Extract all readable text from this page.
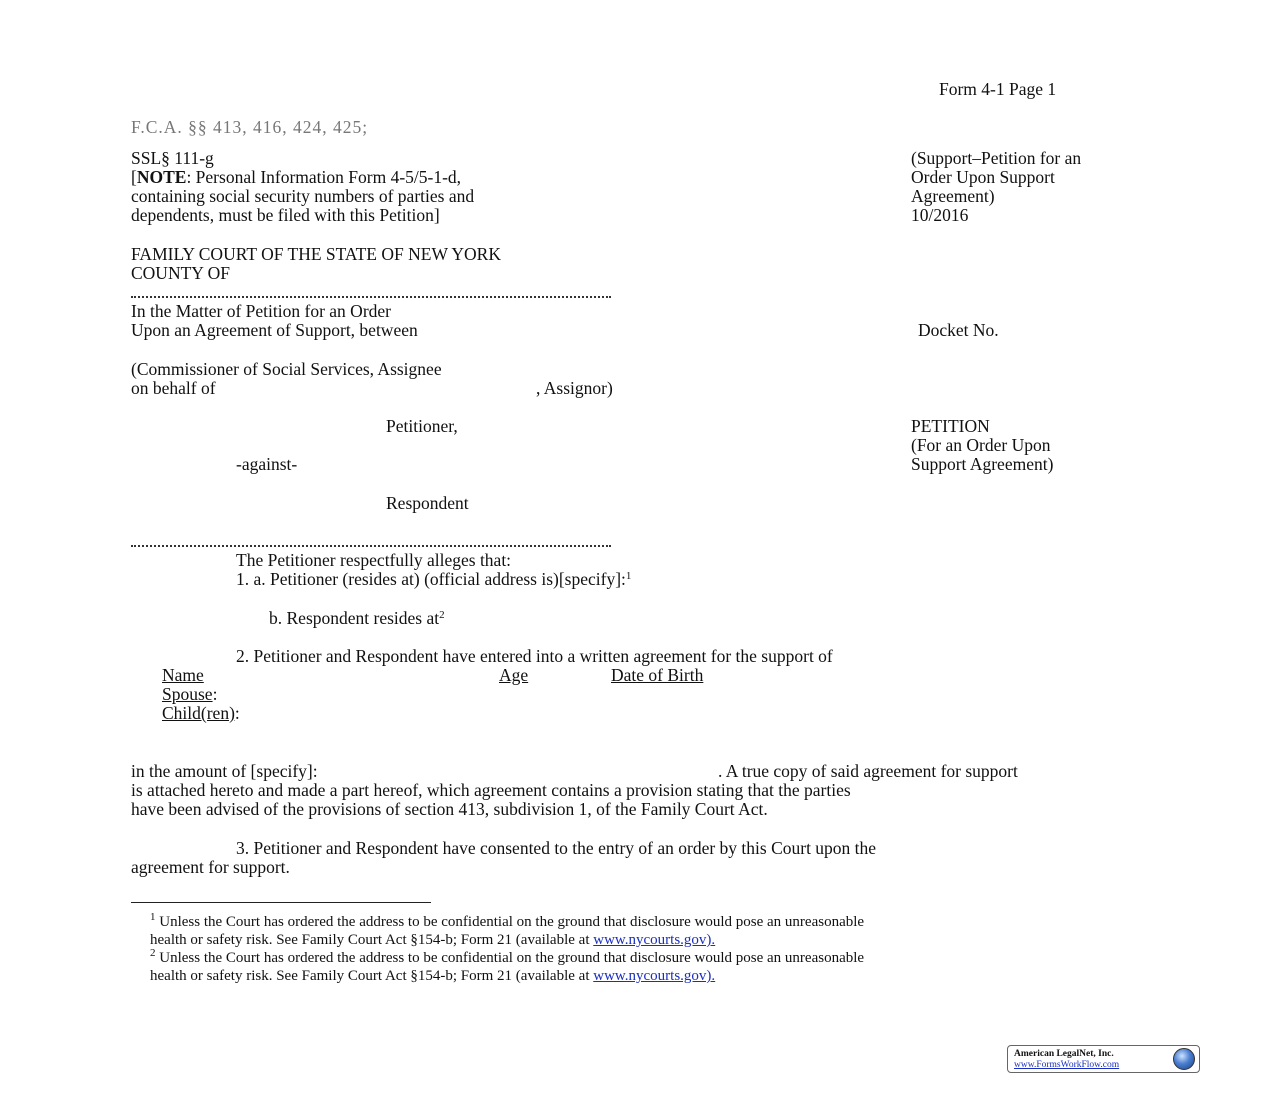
Form 4-1 Page 1
F.C.A. §§ 413, 416, 424, 425;
SSL§ 111-g
[NOTE: Personal Information Form 4-5/5-1-d,
containing social security numbers of parties and
dependents, must be filed with this Petition]
(Support–Petition for an
Order Upon Support
Agreement)
10/2016
FAMILY COURT OF THE STATE OF NEW YORK
COUNTY OF
In the Matter of Petition for an Order
Upon an Agreement of Support, between	Docket No.
(Commissioner of Social Services, Assignee
on behalf of	, Assignor)
Petitioner,	PETITION
(For an Order Upon
-against-	Support Agreement)
Respondent
The Petitioner respectfully alleges that:
1. a. Petitioner (resides at) (official address is)[specify]:$^1$
b. Respondent resides $at^2$
2. Petitioner and Respondent have entered into a written agreement for the support of
Name	Age	Date of Birth
Spouse:
Child(ren):
in the amount of [specify]:	. A true copy of said agreement for support
is attached hereto and made a part hereof, which agreement contains a provision stating that the parties
have been advised of the provisions of section 413, subdivision 1, of the Family Court Act.
3. Petitioner and Respondent have consented to the entry of an order by this Court upon the
agreement for support.
$^1$ Unless the Court has ordered the address to be confidential on the ground that disclosure would pose an unreasonable
health or safety risk. See Family Court Act §154-b; Form 21 (available at www.nycourts.gov).
$^2$ Unless the Court has ordered the address to be confidential on the ground that disclosure would pose an unreasonable
health or safety risk. See Family Court Act §154-b; Form 21 (available at www.nycourts.gov).
American LegalNet, Inc.
www.FormsWorkFlow.com
